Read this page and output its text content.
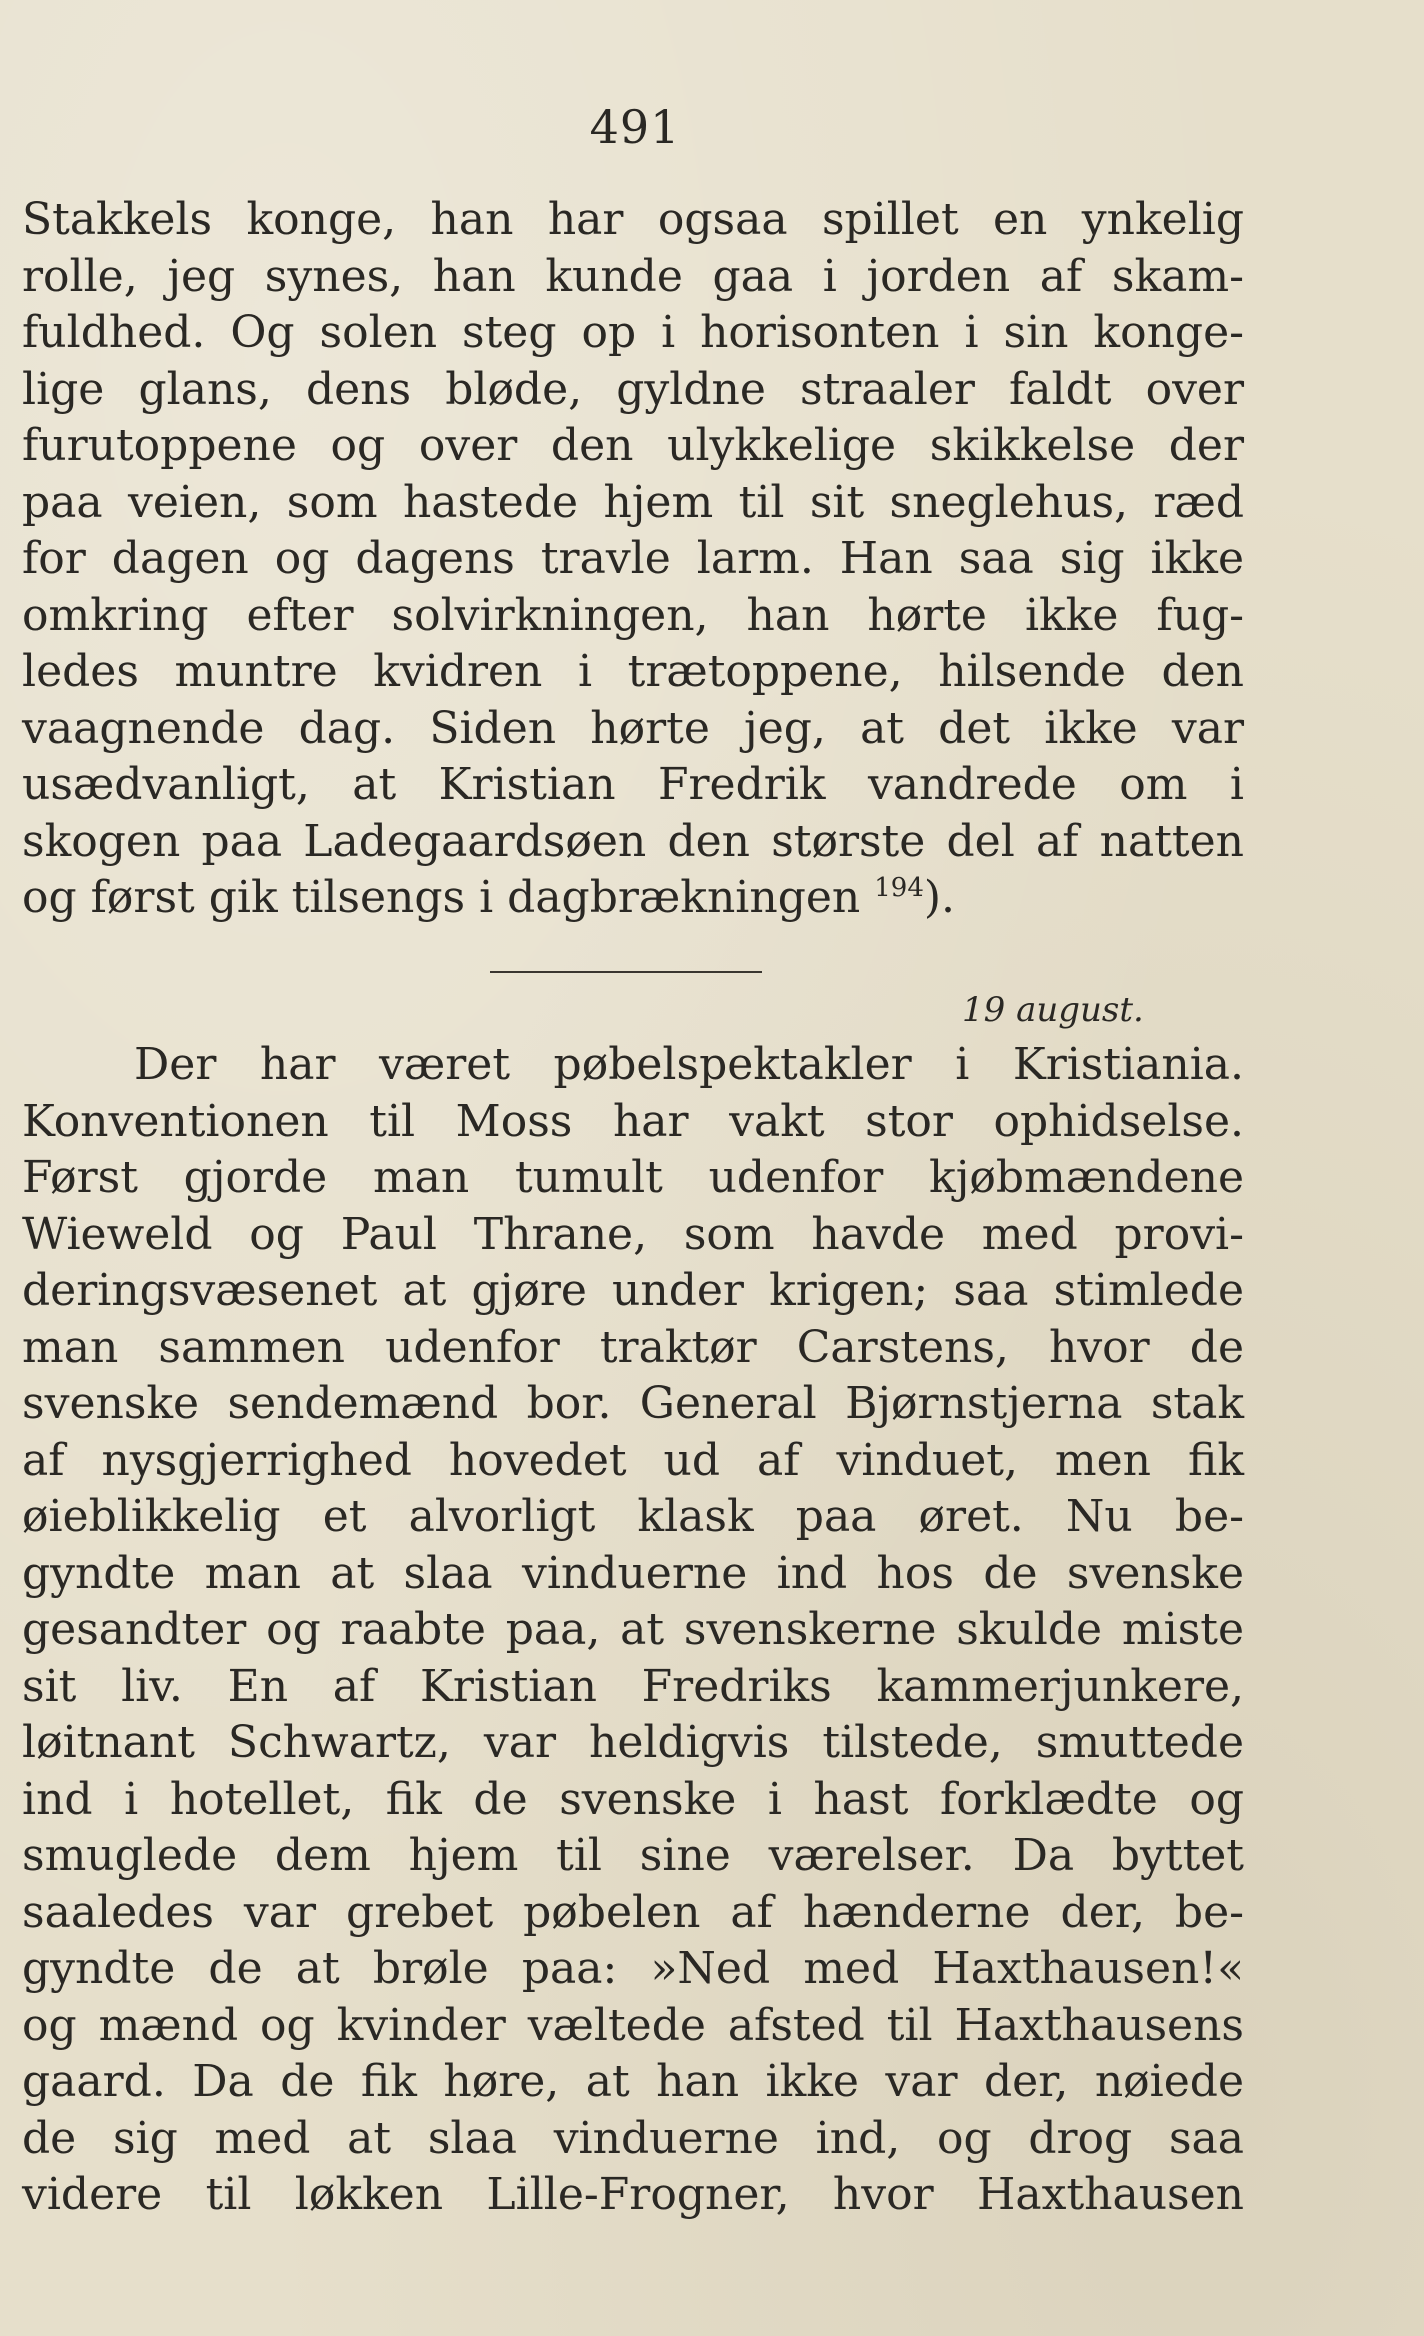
491
Stakkels konge, han har ogsaa spillet en ynkelig
rolle, jeg synes, han kunde gaa i jorden af skam-
fuldhed. Og solen steg op i horisonten i sin konge-
lige glans, dens bløde, gyldne straaler faldt over
furutoppene og over den ulykkelige skikkelse der
paa veien, som hastede hjem til sit sneglehus, ræd
for dagen og dagens travle larm. Han saa sig ikke
omkring efter solvirkningen, han hørte ikke fug-
ledes muntre kvidren i trætoppene, hilsende den
vaagnende dag. Siden hørte jeg, at det ikke var
usædvanligt, at Kristian Fredrik vandrede om i
skogen paa Ladegaardsøen den største del af natten
og først gik tilsengs i dagbrækningen $^{194}$).
19 august.
Der har været pøbelspektakler i Kristiania.
Konventionen til Moss har vakt stor ophidselse.
Først gjorde man tumult udenfor kjøbmændene
Wieweld og Paul Thrane, som havde med provi-
deringsvæsenet at gjøre under krigen; saa stimlede
man sammen udenfor traktør Carstens, hvor de
svenske sendemænd bor. General Bjørnstjerna stak
af nysgjerrighed hovedet ud af vinduet, men fik
øieblikkelig et alvorligt klask paa øret. Nu be-
gyndte man at slaa vinduerne ind hos de svenske
gesandter og raabte paa, at svenskerne skulde miste
sit liv. En af Kristian Fredriks kammerjunkere,
løitnant Schwartz, var heldigvis tilstede, smuttede
ind i hotellet, fik de svenske i hast forklædte og
smuglede dem hjem til sine værelser. Da byttet
saaledes var grebet pøbelen af hænderne der, be-
gyndte de at brøle paa: »Ned med Haxthausen!«
og mænd og kvinder væltede afsted til Haxthausens
gaard. Da de fik høre, at han ikke var der, nøiede
de sig med at slaa vinduerne ind, og drog saa
videre til løkken Lille-Frogner, hvor Haxthausen
